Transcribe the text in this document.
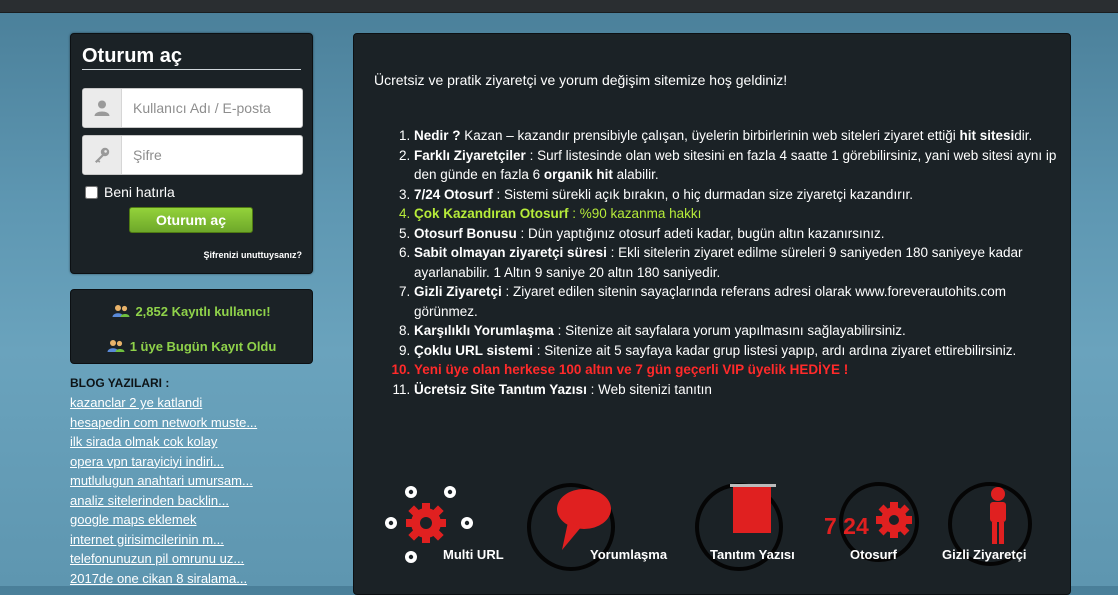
Oturum aç
Kullanıcı Adı / E-posta
Beni hatırla
Oturum aç
Şifrenizi unuttuysanız?
2,852 Kayıtlı kullanıcı!
1 üye Bugün Kayıt Oldu
BLOG YAZILARI :
kazanclar 2 ye katlandi
hesapedin com network muste...
ilk sirada olmak cok kolay
opera vpn tarayiciyi indiri...
mutlulugun anahtari umursam...
analiz sitelerinden backlin...
google maps eklemek
internet girisimcilerinin m...
telefonunuzun pil omrunu uz...
2017de one cikan 8 siralama...
Ücretsiz ve pratik ziyaretçi ve yorum değişim sitemize hoş geldiniz!
1. Nedir ? Kazan – kazandır prensibiyle çalışan, üyelerin birbirlerinin web siteleri ziyaret ettiği hit sitesidir.
2. Farklı Ziyaretçiler : Surf listesinde olan web sitesini en fazla 4 saatte 1 görebilirsiniz, yani web sitesi aynı ip den günde en fazla 6 organik hit alabilir.
3. 7/24 Otosurf : Sistemi sürekli açık bırakın, o hiç durmadan size ziyaretçi kazandırır.
4. Çok Kazandıran Otosurf : %90 kazanma hakkı
5. Otosurf Bonusu : Dün yaptığınız otosurf adeti kadar, bugün altın kazanırsınız.
6. Sabit olmayan ziyaretçi süresi : Ekli sitelerin ziyaret edilme süreleri 9 saniyeden 180 saniyeye kadar ayarlanabilir. 1 Altın 9 saniye 20 altın 180 saniyedir.
7. Gizli Ziyaretçi : Ziyaret edilen sitenin sayaçlarında referans adresi olarak www.foreverautohits.com görünmez.
8. Karşılıklı Yorumlaşma : Sitenize ait sayfalara yorum yapılmasını sağlayabilirsiniz.
9. Çoklu URL sistemi : Sitenize ait 5 sayfaya kadar grup listesi yapıp, ardı ardına ziyaret ettirebilirsiniz.
10. Yeni üye olan herkese 100 altın ve 7 gün geçerli VIP üyelik HEDİYE !
11. Ücretsiz Site Tanıtım Yazısı : Web sitenizi tanıtın
Multi URL	Yorumlaşma	Tanıtım Yazısı
7 24
Otosurf	Gizli Ziyaretçi
